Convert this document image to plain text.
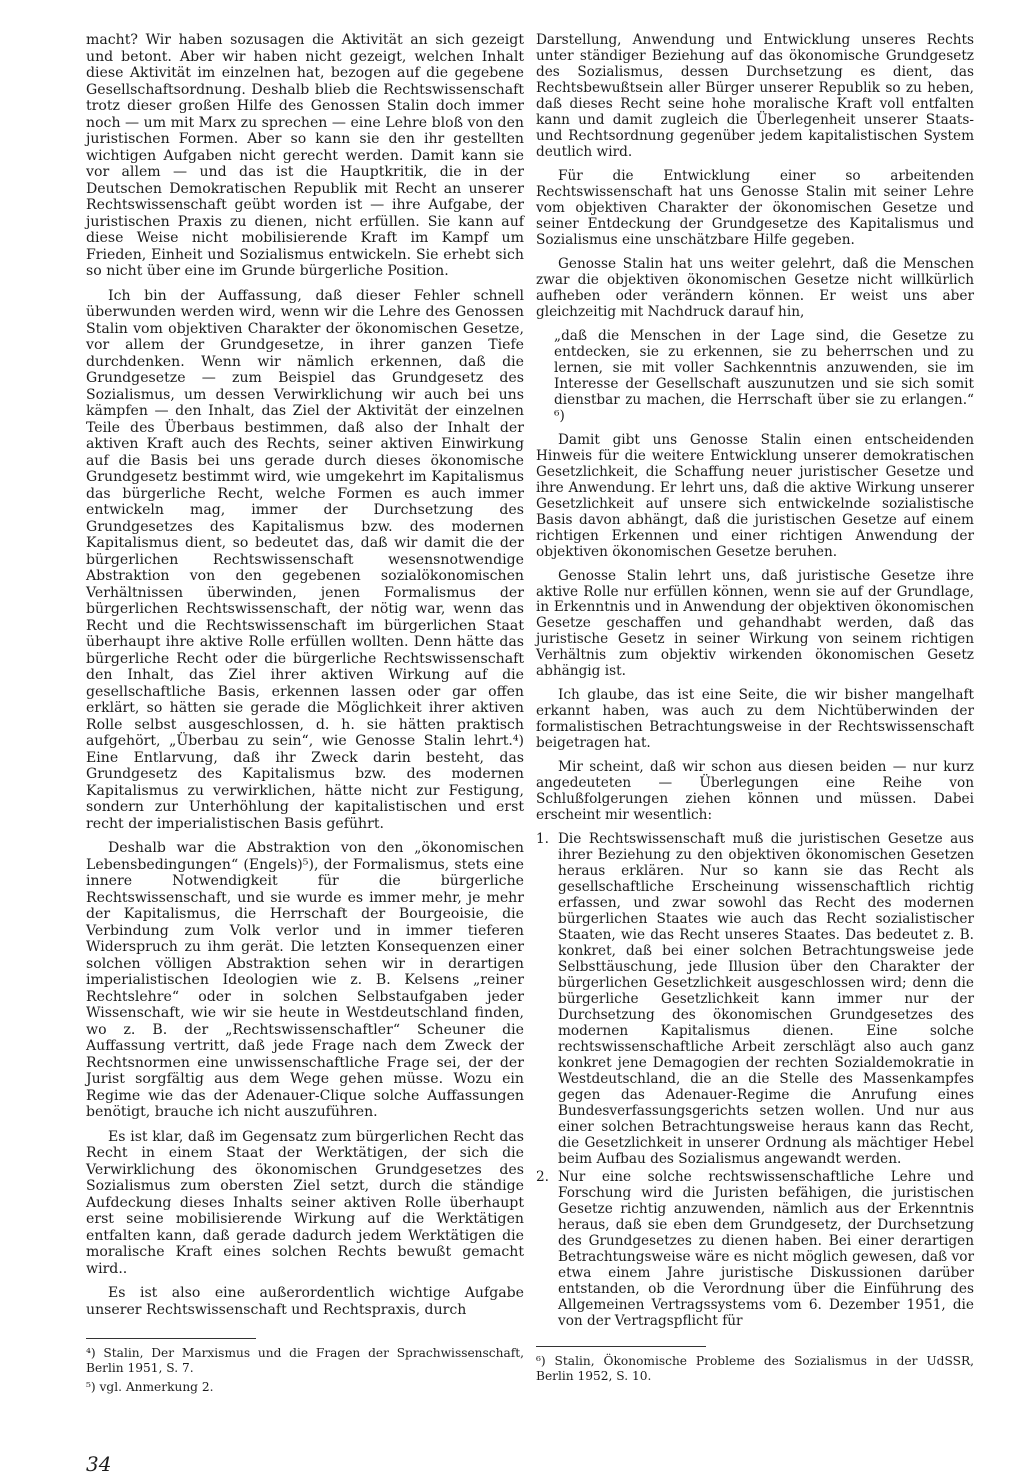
macht? Wir haben sozusagen die Aktivität an sich gezeigt und betont. Aber wir haben nicht gezeigt, welchen Inhalt diese Aktivität im einzelnen hat, bezogen auf die gegebene Gesellschaftsordnung. Deshalb blieb die Rechtswissenschaft trotz dieser großen Hilfe des Genossen Stalin doch immer noch — um mit Marx zu sprechen — eine Lehre bloß von den juristischen Formen. Aber so kann sie den ihr gestellten wichtigen Aufgaben nicht gerecht werden. Damit kann sie vor allem — und das ist die Hauptkritik, die in der Deutschen Demokratischen Republik mit Recht an unserer Rechtswissenschaft geübt worden ist — ihre Aufgabe, der juristischen Praxis zu dienen, nicht erfüllen. Sie kann auf diese Weise nicht mobilisierende Kraft im Kampf um Frieden, Einheit und Sozialismus entwickeln. Sie erhebt sich so nicht über eine im Grunde bürgerliche Position.

Ich bin der Auffassung, daß dieser Fehler schnell überwunden werden wird, wenn wir die Lehre des Genossen Stalin vom objektiven Charakter der ökonomischen Gesetze, vor allem der Grundgesetze, in ihrer ganzen Tiefe durchdenken. Wenn wir nämlich erkennen, daß die Grundgesetze — zum Beispiel das Grundgesetz des Sozialismus, um dessen Verwirklichung wir auch bei uns kämpfen — den Inhalt, das Ziel der Aktivität der einzelnen Teile des Überbaus bestimmen, daß also der Inhalt der aktiven Kraft auch des Rechts, seiner aktiven Einwirkung auf die Basis bei uns gerade durch dieses ökonomische Grundgesetz bestimmt wird, wie umgekehrt im Kapitalismus das bürgerliche Recht, welche Formen es auch immer entwickeln mag, immer der Durchsetzung des Grundgesetzes des Kapitalismus bzw. des modernen Kapitalismus dient, so bedeutet das, daß wir damit die der bürgerlichen Rechtswissenschaft wesensnotwendige Abstraktion von den gegebenen sozialökonomischen Verhältnissen überwinden, jenen Formalismus der bürgerlichen Rechtswissenschaft, der nötig war, wenn das Recht und die Rechtswissenschaft im bürgerlichen Staat überhaupt ihre aktive Rolle erfüllen wollten. Denn hätte das bürgerliche Recht oder die bürgerliche Rechtswissenschaft den Inhalt, das Ziel ihrer aktiven Wirkung auf die gesellschaftliche Basis, erkennen lassen oder gar offen erklärt, so hätten sie gerade die Möglichkeit ihrer aktiven Rolle selbst ausgeschlossen, d. h. sie hätten praktisch aufgehört, „Überbau zu sein“, wie Genosse Stalin lehrt.⁴) Eine Entlarvung, daß ihr Zweck darin besteht, das Grundgesetz des Kapitalismus bzw. des modernen Kapitalismus zu verwirklichen, hätte nicht zur Festigung, sondern zur Unterhöhlung der kapitalistischen und erst recht der imperialistischen Basis geführt.

Deshalb war die Abstraktion von den „ökonomischen Lebensbedingungen“ (Engels)⁵), der Formalismus, stets eine innere Notwendigkeit für die bürgerliche Rechtswissenschaft, und sie wurde es immer mehr, je mehr der Kapitalismus, die Herrschaft der Bourgeoisie, die Verbindung zum Volk verlor und in immer tieferen Widerspruch zu ihm gerät. Die letzten Konsequenzen einer solchen völligen Abstraktion sehen wir in derartigen imperialistischen Ideologien wie z. B. Kelsens „reiner Rechtslehre“ oder in solchen Selbstaufgaben jeder Wissenschaft, wie wir sie heute in Westdeutschland finden, wo z. B. der „Rechtswissenschaftler“ Scheuner die Auffassung vertritt, daß jede Frage nach dem Zweck der Rechtsnormen eine unwissenschaftliche Frage sei, der der Jurist sorgfältig aus dem Wege gehen müsse. Wozu ein Regime wie das der Adenauer-Clique solche Auffassungen benötigt, brauche ich nicht auszuführen.

Es ist klar, daß im Gegensatz zum bürgerlichen Recht das Recht in einem Staat der Werktätigen, der sich die Verwirklichung des ökonomischen Grundgesetzes des Sozialismus zum obersten Ziel setzt, durch die ständige Aufdeckung dieses Inhalts seiner aktiven Rolle überhaupt erst seine mobilisierende Wirkung auf die Werktätigen entfalten kann, daß gerade dadurch jedem Werktätigen die moralische Kraft eines solchen Rechts bewußt gemacht wird..

Es ist also eine außerordentlich wichtige Aufgabe unserer Rechtswissenschaft und Rechtspraxis, durch

⁴) Stalin, Der Marxismus und die Fragen der Sprachwissenschaft, Berlin 1951, S. 7.
⁵) vgl. Anmerkung 2.

Darstellung, Anwendung und Entwicklung unseres Rechts unter ständiger Beziehung auf das ökonomische Grundgesetz des Sozialismus, dessen Durchsetzung es dient, das Rechtsbewußtsein aller Bürger unserer Republik so zu heben, daß dieses Recht seine hohe moralische Kraft voll entfalten kann und damit zugleich die Überlegenheit unserer Staats- und Rechtsordnung gegenüber jedem kapitalistischen System deutlich wird.

Für die Entwicklung einer so arbeitenden Rechtswissenschaft hat uns Genosse Stalin mit seiner Lehre vom objektiven Charakter der ökonomischen Gesetze und seiner Entdeckung der Grundgesetze des Kapitalismus und Sozialismus eine unschätzbare Hilfe gegeben.

Genosse Stalin hat uns weiter gelehrt, daß die Menschen zwar die objektiven ökonomischen Gesetze nicht willkürlich aufheben oder verändern können. Er weist uns aber gleichzeitig mit Nachdruck darauf hin,

„daß die Menschen in der Lage sind, die Gesetze zu entdecken, sie zu erkennen, sie zu beherrschen und zu lernen, sie mit voller Sachkenntnis anzuwenden, sie im Interesse der Gesellschaft auszunutzen und sie sich somit dienstbar zu machen, die Herrschaft über sie zu erlangen.“ ⁶)

Damit gibt uns Genosse Stalin einen entscheidenden Hinweis für die weitere Entwicklung unserer demokratischen Gesetzlichkeit, die Schaffung neuer juristischer Gesetze und ihre Anwendung. Er lehrt uns, daß die aktive Wirkung unserer Gesetzlichkeit auf unsere sich entwickelnde sozialistische Basis davon abhängt, daß die juristischen Gesetze auf einem richtigen Erkennen und einer richtigen Anwendung der objektiven ökonomischen Gesetze beruhen.

Genosse Stalin lehrt uns, daß juristische Gesetze ihre aktive Rolle nur erfüllen können, wenn sie auf der Grundlage, in Erkenntnis und in Anwendung der objektiven ökonomischen Gesetze geschaffen und gehandhabt werden, daß das juristische Gesetz in seiner Wirkung von seinem richtigen Verhältnis zum objektiv wirkenden ökonomischen Gesetz abhängig ist.

Ich glaube, das ist eine Seite, die wir bisher mangelhaft erkannt haben, was auch zu dem Nichtüberwinden der formalistischen Betrachtungsweise in der Rechtswissenschaft beigetragen hat.

Mir scheint, daß wir schon aus diesen beiden — nur kurz angedeuteten — Überlegungen eine Reihe von Schlußfolgerungen ziehen können und müssen. Dabei erscheint mir wesentlich:

1. Die Rechtswissenschaft muß die juristischen Gesetze aus ihrer Beziehung zu den objektiven ökonomischen Gesetzen heraus erklären. Nur so kann sie das Recht als gesellschaftliche Erscheinung wissenschaftlich richtig erfassen, und zwar sowohl das Recht des modernen bürgerlichen Staates wie auch das Recht sozialistischer Staaten, wie das Recht unseres Staates. Das bedeutet z. B. konkret, daß bei einer solchen Betrachtungsweise jede Selbsttäuschung, jede Illusion über den Charakter der bürgerlichen Gesetzlichkeit ausgeschlossen wird; denn die bürgerliche Gesetzlichkeit kann immer nur der Durchsetzung des ökonomischen Grundgesetzes des modernen Kapitalismus dienen. Eine solche rechtswissenschaftliche Arbeit zerschlägt also auch ganz konkret jene Demagogien der rechten Sozialdemokratie in Westdeutschland, die an die Stelle des Massenkampfes gegen das Adenauer-Regime die Anrufung eines Bundesverfassungsgerichts setzen wollen. Und nur aus einer solchen Betrachtungsweise heraus kann das Recht, die Gesetzlichkeit in unserer Ordnung als mächtiger Hebel beim Aufbau des Sozialismus angewandt werden.
2. Nur eine solche rechtswissenschaftliche Lehre und Forschung wird die Juristen befähigen, die juristischen Gesetze richtig anzuwenden, nämlich aus der Erkenntnis heraus, daß sie eben dem Grundgesetz, der Durchsetzung des Grundgesetzes zu dienen haben. Bei einer derartigen Betrachtungsweise wäre es nicht möglich gewesen, daß vor etwa einem Jahre juristische Diskussionen darüber entstanden, ob die Verordnung über die Einführung des Allgemeinen Vertragssystems vom 6. Dezember 1951, die von der Vertragspflicht für
⁶) Stalin, Ökonomische Probleme des Sozialismus in der UdSSR, Berlin 1952, S. 10.
34
